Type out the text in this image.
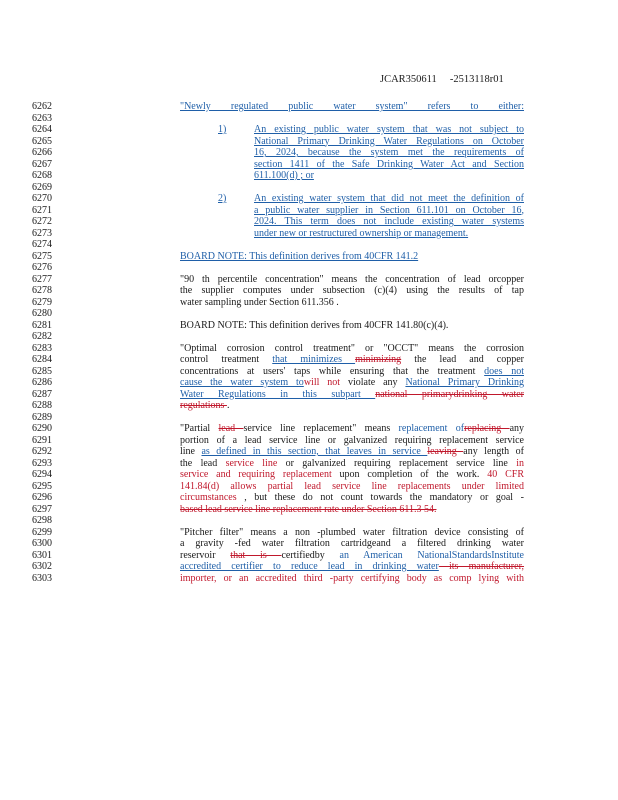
JCAR350611 -2513118r01
6262	"Newly regulated public water system" refers to either:
6263
6264	1)	An existing public water system that was not subject to
6265	National Primary Drinking Water Regulations on October
6266	16, 2024, because the system met the requirements of
6267	section 1411 of the Safe Drinking Water Act and Section
6268	611.100(d) ; or
6269
6270	2)	An existing water system that did not meet the definition of
6271	a public water supplier in Section 611.101 on October 16,
6272	2024. This term does not include existing water systems
6273	under new or restructured ownership or management.
6274
6275	BOARD NOTE: This definition derives from 40CFR 141.2
6276
6277	"90 th percentile concentration" means the concentration of lead orcopper
6278	the supplier computes under subsection (c)(4) using the results of tap
6279	water sampling under Section 611.356 .
6280
6281	BOARD NOTE: This definition derives from 40CFR 141.80(c)(4).
6282
6283	"Optimal corrosion control treatment" or "OCCT" means the corrosion
6284	control treatment that minimizes minimizing the lead and copper
6285	concentrations at users' taps while ensuring that the treatment does not
6286	cause the water system towill not violate any National Primary Drinking
6287	Water Regulations in this subpart national primarydrinking water
6288	regulations .
6289
6290	"Partial lead service line replacement" means replacement ofreplacing any
6291	portion of a lead service line or galvanized requiring replacement service
6292	line as defined in this section, that leaves in service leaving any length of
6293	the lead service line or galvanized requiring replacement service line in
6294	service and requiring replacement upon completion of the work. 40 CFR
6295	141.84(d) allows partial lead service line replacements under limited
6296	circumstances , but these do not count towards the mandatory or goal -
6297	based lead service line replacement rate under Section 611.3 54.
6298
6299	"Pitcher filter" means a non -plumbed water filtration device consisting of
6300	a gravity -fed water filtration cartridgeand a filtered drinking water
6301	reservoir that is certifiedby an American NationalStandardsInstitute
6302	accredited certifier to reduce lead in drinking water its manufacturer,
6303	importer, or an accredited third -party certifying body as comp lying with
